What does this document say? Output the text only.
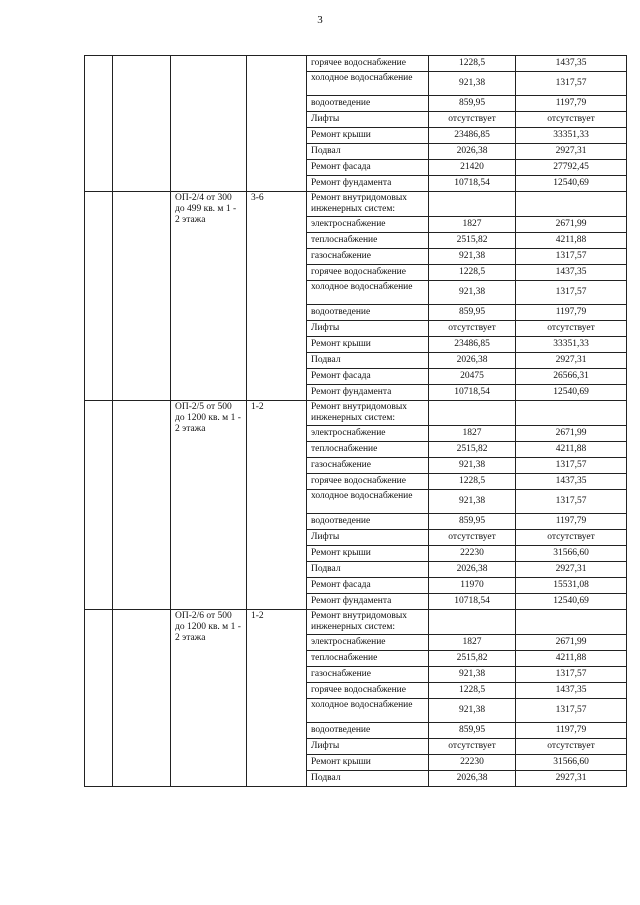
3
				горячее водоснабжение	1228,5	1437,35
				холодное водоснабжение	921,38	1317,57
				водоотведение	859,95	1197,79
				Лифты	отсутствует	отсутствует
				Ремонт крыши	23486,85	33351,33
				Подвал	2026,38	2927,31
				Ремонт фасада	21420	27792,45
				Ремонт фундамента	10718,54	12540,69
		ОП-2/4 от 300 до 499 кв. м 1 - 2 этажа	3-6	Ремонт внутридомовых инженерных систем:		
				электроснабжение	1827	2671,99
				теплоснабжение	2515,82	4211,88
				газоснабжение	921,38	1317,57
				горячее водоснабжение	1228,5	1437,35
				холодное водоснабжение	921,38	1317,57
				водоотведение	859,95	1197,79
				Лифты	отсутствует	отсутствует
				Ремонт крыши	23486,85	33351,33
				Подвал	2026,38	2927,31
				Ремонт фасада	20475	26566,31
				Ремонт фундамента	10718,54	12540,69
		ОП-2/5 от 500 до 1200 кв. м 1 - 2 этажа	1-2	Ремонт внутридомовых инженерных систем:		
				электроснабжение	1827	2671,99
				теплоснабжение	2515,82	4211,88
				газоснабжение	921,38	1317,57
				горячее водоснабжение	1228,5	1437,35
				холодное водоснабжение	921,38	1317,57
				водоотведение	859,95	1197,79
				Лифты	отсутствует	отсутствует
				Ремонт крыши	22230	31566,60
				Подвал	2026,38	2927,31
				Ремонт фасада	11970	15531,08
				Ремонт фундамента	10718,54	12540,69
		ОП-2/6 от 500 до 1200 кв. м 1 - 2 этажа	1-2	Ремонт внутридомовых инженерных систем:		
				электроснабжение	1827	2671,99
				теплоснабжение	2515,82	4211,88
				газоснабжение	921,38	1317,57
				горячее водоснабжение	1228,5	1437,35
				холодное водоснабжение	921,38	1317,57
				водоотведение	859,95	1197,79
				Лифты	отсутствует	отсутствует
				Ремонт крыши	22230	31566,60
				Подвал	2026,38	2927,31
